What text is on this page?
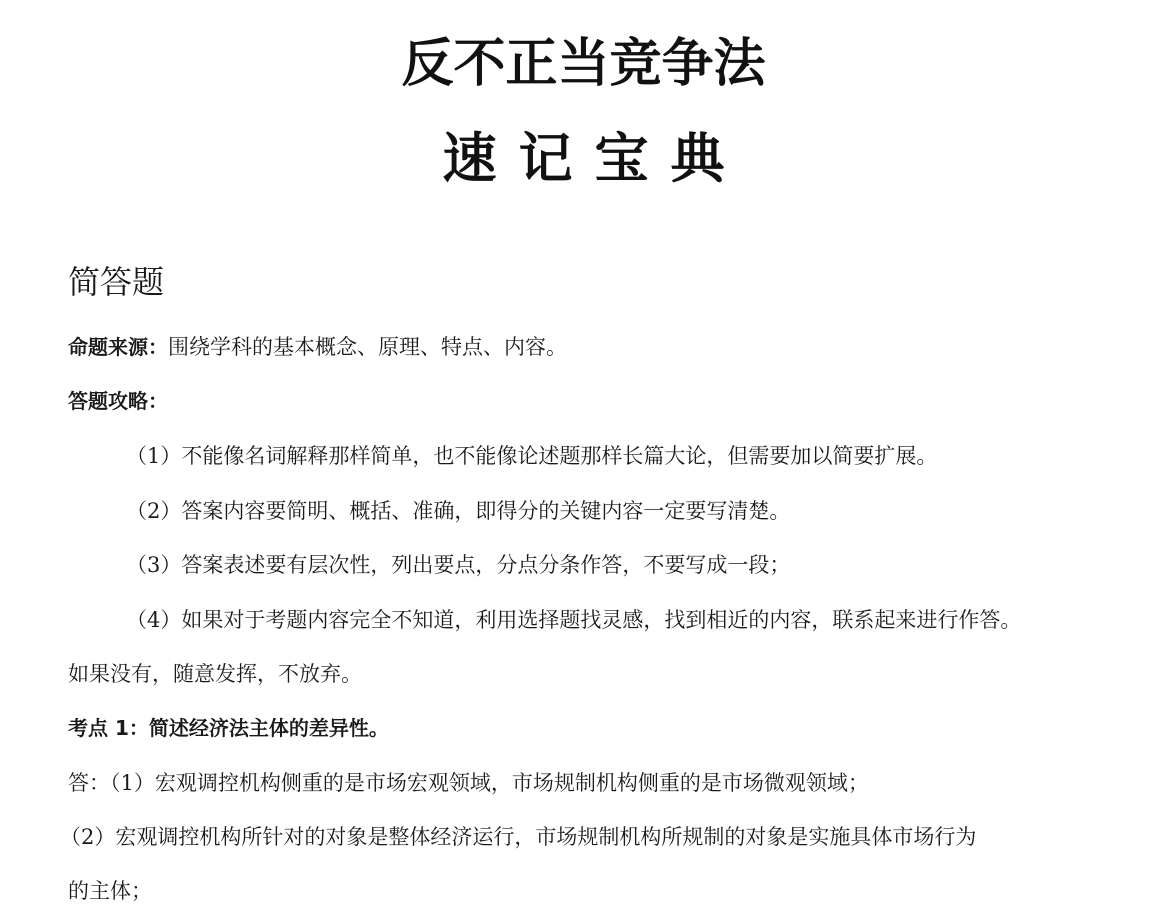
反不正当竞争法
速记宝典
简答题

命题来源：围绕学科的基本概念、原理、特点、内容。

答题攻略：

（1）不能像名词解释那样简单，也不能像论述题那样长篇大论，但需要加以简要扩展。

（2）答案内容要简明、概括、准确，即得分的关键内容一定要写清楚。

（3）答案表述要有层次性，列出要点，分点分条作答，不要写成一段；

（4）如果对于考题内容完全不知道，利用选择题找灵感，找到相近的内容，联系起来进行作答。

如果没有，随意发挥，不放弃。

考点 1：简述经济法主体的差异性。

答：（1）宏观调控机构侧重的是市场宏观领域，市场规制机构侧重的是市场微观领域；

（2）宏观调控机构所针对的对象是整体经济运行，市场规制机构所规制的对象是实施具体市场行为

的主体；
